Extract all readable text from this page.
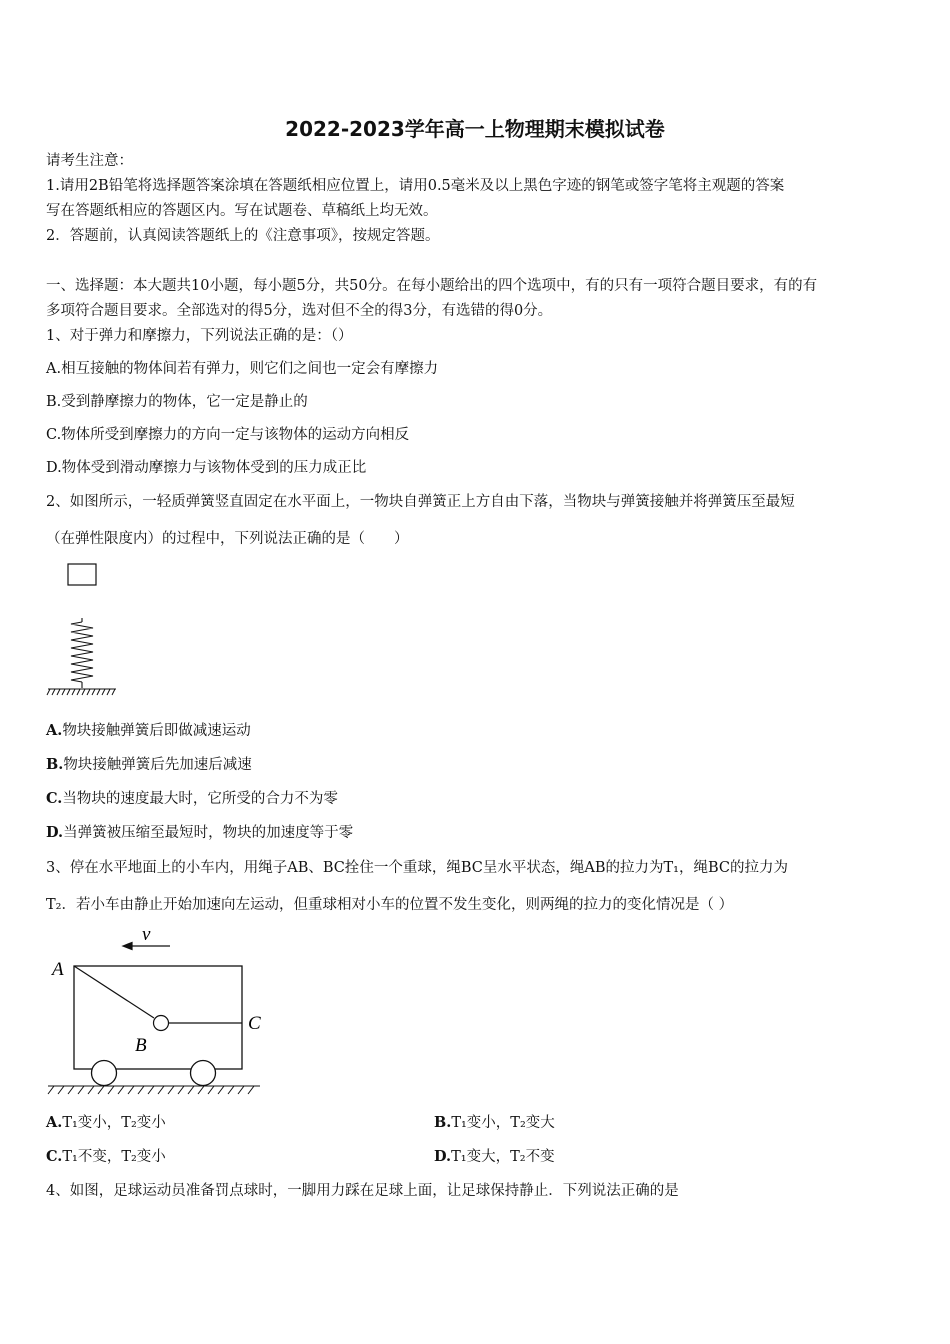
2022-2023学年高一上物理期末模拟试卷
请考生注意：
1.请用2B铅笔将选择题答案涂填在答题纸相应位置上，请用0.5毫米及以上黑色字迹的钢笔或签字笔将主观题的答案
写在答题纸相应的答题区内。写在试题卷、草稿纸上均无效。
2．答题前，认真阅读答题纸上的《注意事项》，按规定答题。
一、选择题：本大题共10小题，每小题5分，共50分。在每小题给出的四个选项中，有的只有一项符合题目要求，有的有
多项符合题目要求。全部选对的得5分，选对但不全的得3分，有选错的得0分。
1、对于弹力和摩擦力，下列说法正确的是：（）
A.相互接触的物体间若有弹力，则它们之间也一定会有摩擦力
B.受到静摩擦力的物体，它一定是静止的
C.物体所受到摩擦力的方向一定与该物体的运动方向相反
D.物体受到滑动摩擦力与该物体受到的压力成正比
2、如图所示，一轻质弹簧竖直固定在水平面上，一物块自弹簧正上方自由下落，当物块与弹簧接触并将弹簧压至最短
（在弹性限度内）的过程中，下列说法正确的是（　　）
A.物块接触弹簧后即做减速运动
B.物块接触弹簧后先加速后减速
C.当物块的速度最大时，它所受的合力不为零
D.当弹簧被压缩至最短时，物块的加速度等于零
3、停在水平地面上的小车内，用绳子AB、BC拴住一个重球，绳BC呈水平状态，绳AB的拉力为T₁，绳BC的拉力为
T₂．若小车由静止开始加速向左运动，但重球相对小车的位置不发生变化，则两绳的拉力的变化情况是（ ）
v
A
B
C
A.T₁变小，T₂变小	B.T₁变小，T₂变大
C.T₁不变，T₂变小	D.T₁变大，T₂不变
4、如图，足球运动员准备罚点球时，一脚用力踩在足球上面，让足球保持静止．下列说法正确的是
